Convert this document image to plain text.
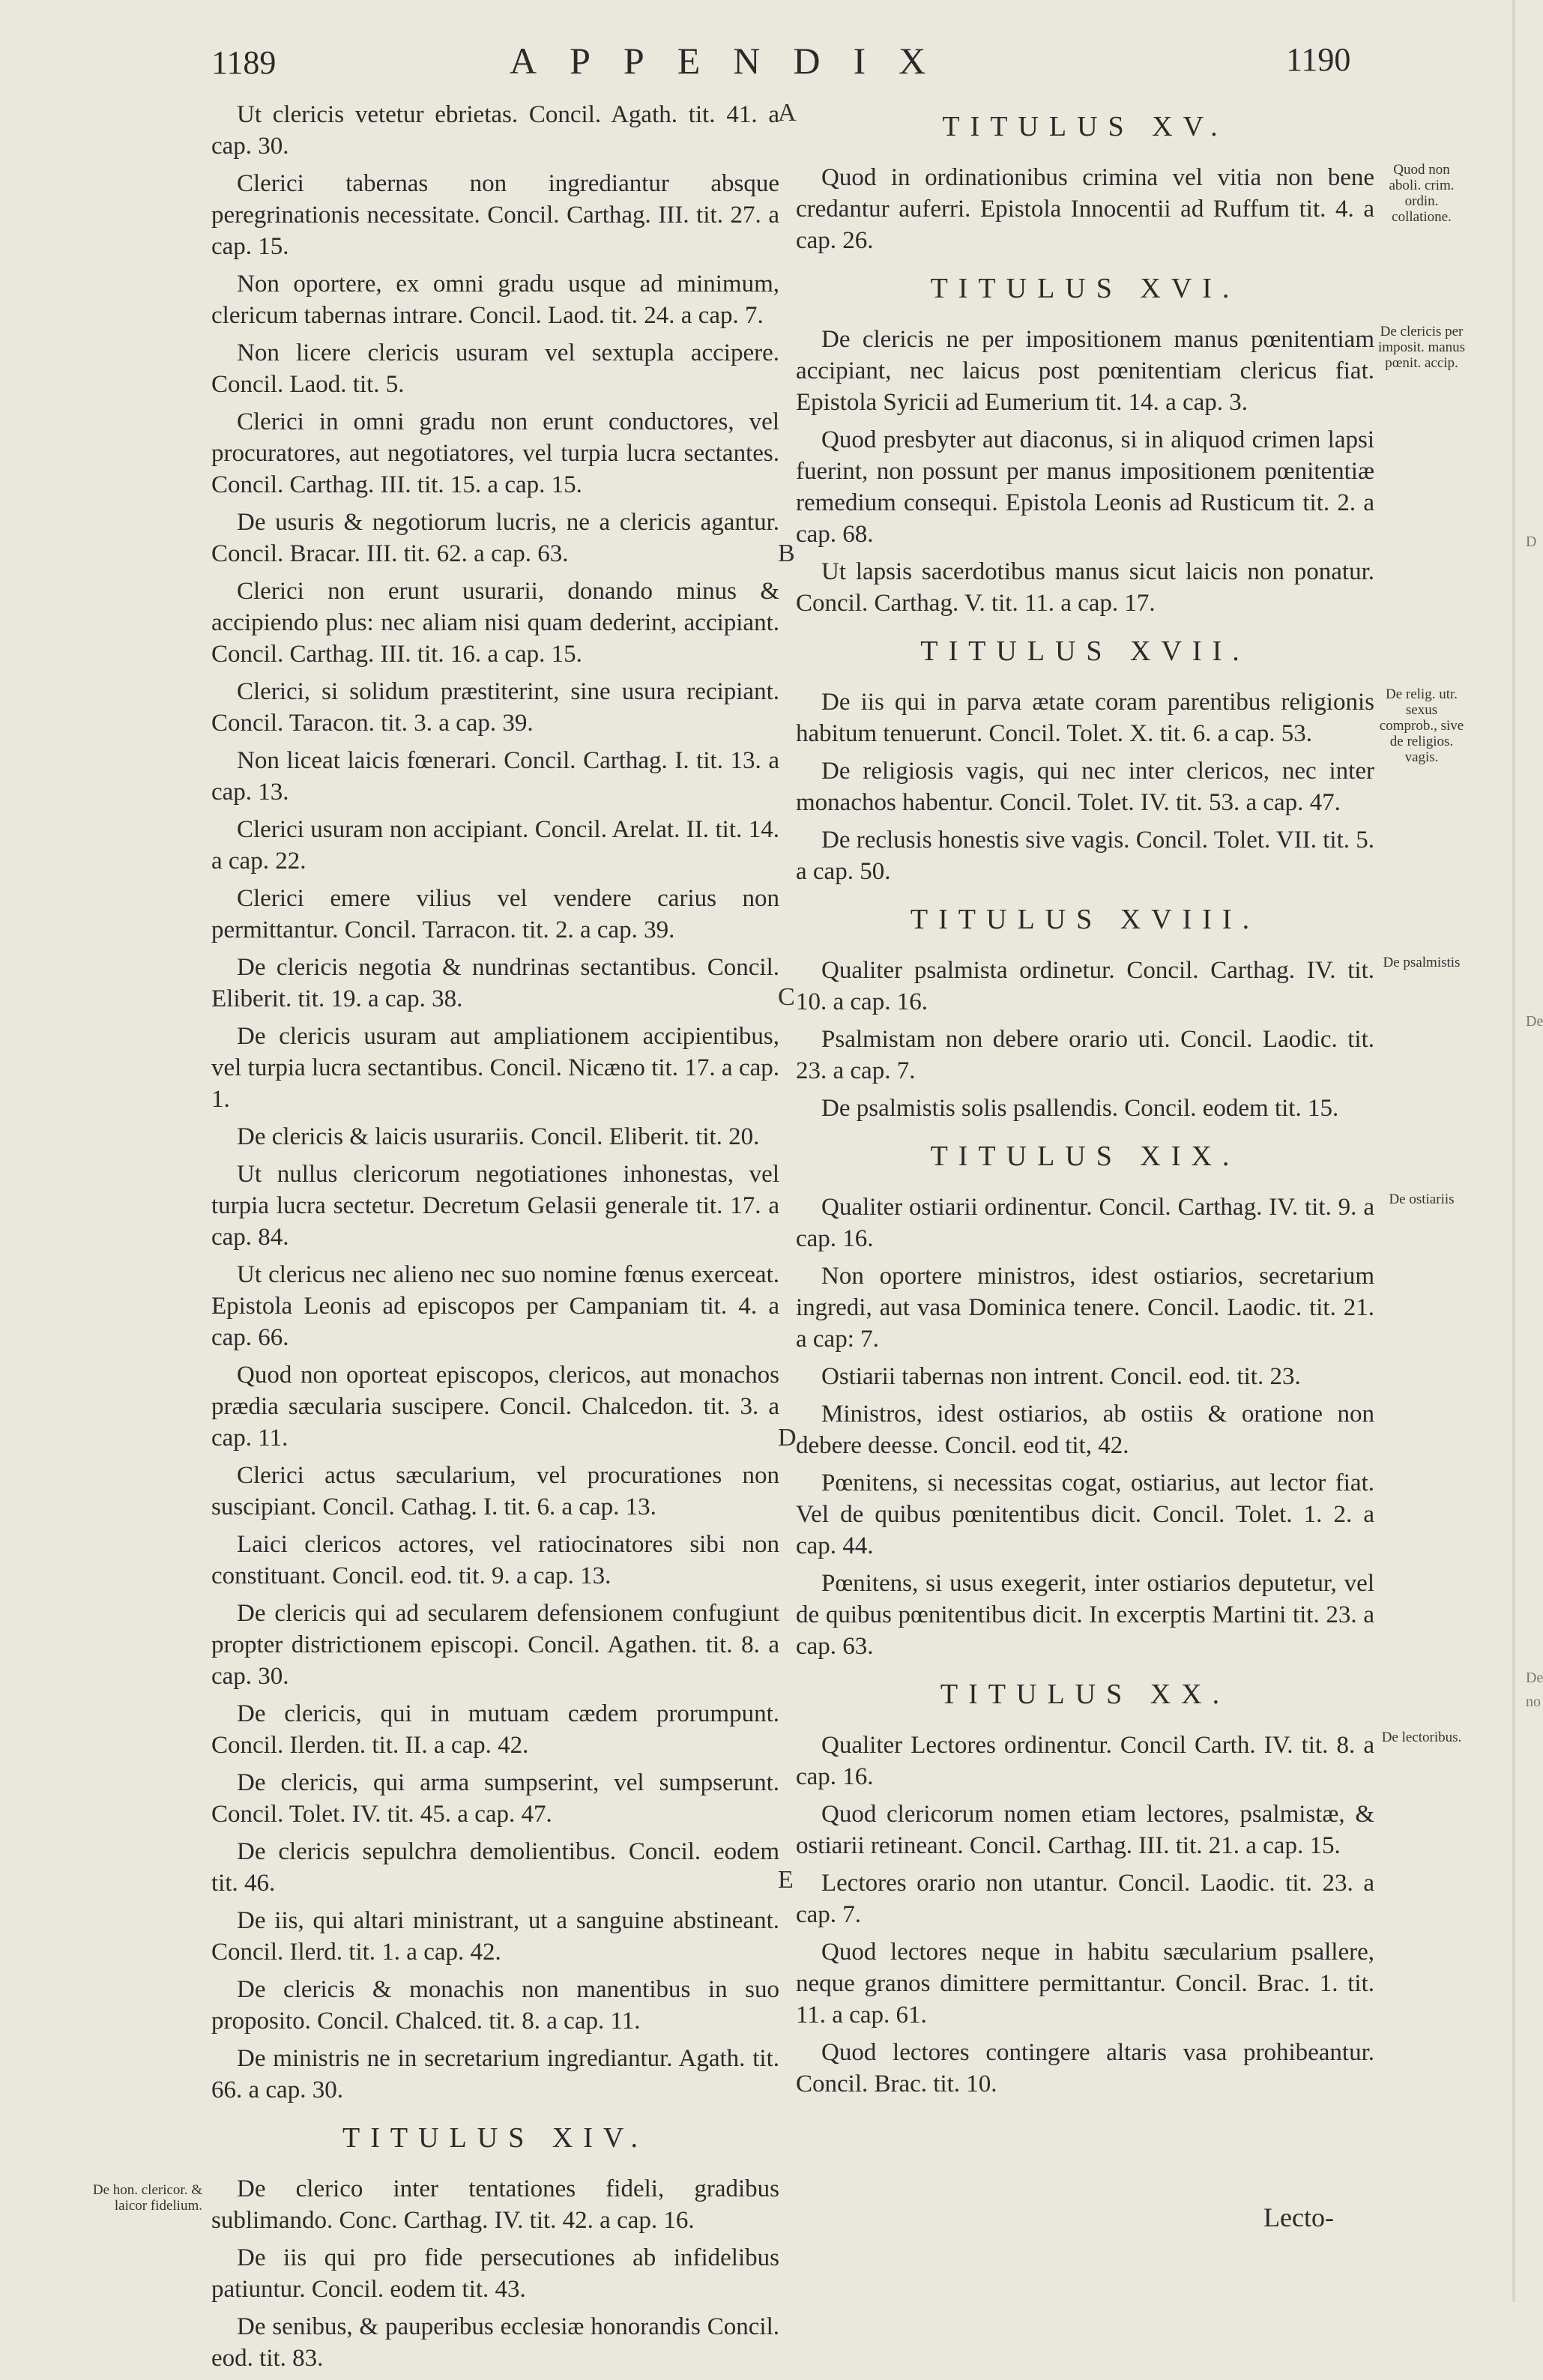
1189	APPENDIX	1190

Ut clericis vetetur ebrietas. Concil. Agath. tit. 41. a cap. 30.

Clerici tabernas non ingrediantur absque peregrinationis necessitate. Concil. Carthag. III. tit. 27. a cap. 15.

Non oportere, ex omni gradu usque ad minimum, clericum tabernas intrare. Concil. Laod. tit. 24. a cap. 7.

Non licere clericis usuram vel sextupla accipere. Concil. Laod. tit. 5.

Clerici in omni gradu non erunt conductores, vel procuratores, aut negotiatores, vel turpia lucra sectantes. Concil. Carthag. III. tit. 15. a cap. 15.

De usuris & negotiorum lucris, ne a clericis agantur. Concil. Bracar. III. tit. 62. a cap. 63.

Clerici non erunt usurarii, donando minus & accipiendo plus: nec aliam nisi quam dederint, accipiant. Concil. Carthag. III. tit. 16. a cap. 15.

Clerici, si solidum præstiterint, sine usura recipiant. Concil. Taracon. tit. 3. a cap. 39.

Non liceat laicis fœnerari. Concil. Carthag. I. tit. 13. a cap. 13.

Clerici usuram non accipiant. Concil. Arelat. II. tit. 14. a cap. 22.

Clerici emere vilius vel vendere carius non permittantur. Concil. Tarracon. tit. 2. a cap. 39.

De clericis negotia & nundrinas sectantibus. Concil. Eliberit. tit. 19. a cap. 38.

De clericis usuram aut ampliationem accipientibus, vel turpia lucra sectantibus. Concil. Nicæno tit. 17. a cap. 1.

De clericis & laicis usurariis. Concil. Eliberit. tit. 20.

Ut nullus clericorum negotiationes inhonestas, vel turpia lucra sectetur. Decretum Gelasii generale tit. 17. a cap. 84.

Ut clericus nec alieno nec suo nomine fœnus exerceat. Epistola Leonis ad episcopos per Campaniam tit. 4. a cap. 66.

Quod non oporteat episcopos, clericos, aut monachos prædia sæcularia suscipere. Concil. Chalcedon. tit. 3. a cap. 11.

Clerici actus sæcularium, vel procurationes non suscipiant. Concil. Cathag. I. tit. 6. a cap. 13.

Laici clericos actores, vel ratiocinatores sibi non constituant. Concil. eod. tit. 9. a cap. 13.

De clericis qui ad secularem defensionem confugiunt propter districtionem episcopi. Concil. Agathen. tit. 8. a cap. 30.

De clericis, qui in mutuam cædem prorumpunt. Concil. Ilerden. tit. II. a cap. 42.

De clericis, qui arma sumpserint, vel sumpserunt. Concil. Tolet. IV. tit. 45. a cap. 47.

De clericis sepulchra demolientibus. Concil. eodem tit. 46.

De iis, qui altari ministrant, ut a sanguine abstineant. Concil. Ilerd. tit. 1. a cap. 42.

De clericis & monachis non manentibus in suo proposito. Concil. Chalced. tit. 8. a cap. 11.

De ministris ne in secretarium ingrediantur. Agath. tit. 66. a cap. 30.

TITULUS XIV.
De hon. clericor. & laicor fidelium.

De clerico inter tentationes fideli, gradibus sublimando. Conc. Carthag. IV. tit. 42. a cap. 16.

De iis qui pro fide persecutiones ab infidelibus patiuntur. Concil. eodem tit. 43.

De senibus, & pauperibus ecclesiæ honorandis Concil. eod. tit. 83.

TITULUS XV.
Quod non aboli. crim. ordin. collatione.

Quod in ordinationibus crimina vel vitia non bene credantur auferri. Epistola Innocentii ad Ruffum tit. 4. a cap. 26.

TITULUS XVI.
De clericis per imposit. manus pœnit. accip.

De clericis ne per impositionem manus pœnitentiam accipiant, nec laicus post pœnitentiam clericus fiat. Epistola Syricii ad Eumerium tit. 14. a cap. 3.

Quod presbyter aut diaconus, si in aliquod crimen lapsi fuerint, non possunt per manus impositionem pœnitentiæ remedium consequi. Epistola Leonis ad Rusticum tit. 2. a cap. 68.

Ut lapsis sacerdotibus manus sicut laicis non ponatur. Concil. Carthag. V. tit. 11. a cap. 17.

TITULUS XVII.
De relig. utr. sexus comprob., sive de religios. vagis.

De iis qui in parva ætate coram parentibus religionis habitum tenuerunt. Concil. Tolet. X. tit. 6. a cap. 53.

De religiosis vagis, qui nec inter clericos, nec inter monachos habentur. Concil. Tolet. IV. tit. 53. a cap. 47.

De reclusis honestis sive vagis. Concil. Tolet. VII. tit. 5. a cap. 50.

TITULUS XVIII.
De psalmistis

Qualiter psalmista ordinetur. Concil. Carthag. IV. tit. 10. a cap. 16.

Psalmistam non debere orario uti. Concil. Laodic. tit. 23. a cap. 7.

De psalmistis solis psallendis. Concil. eodem tit. 15.

TITULUS XIX.
De ostiariis

Qualiter ostiarii ordinentur. Concil. Carthag. IV. tit. 9. a cap. 16.

Non oportere ministros, idest ostiarios, secretarium ingredi, aut vasa Dominica tenere. Concil. Laodic. tit. 21. a cap: 7.

Ostiarii tabernas non intrent. Concil. eod. tit. 23.

Ministros, idest ostiarios, ab ostiis & oratione non debere deesse. Concil. eod tit, 42.

Pœnitens, si necessitas cogat, ostiarius, aut lector fiat. Vel de quibus pœnitentibus dicit. Concil. Tolet. 1. 2. a cap. 44.

Pœnitens, si usus exegerit, inter ostiarios deputetur, vel de quibus pœnitentibus dicit. In excerptis Martini tit. 23. a cap. 63.

TITULUS XX.
De lectoribus.

Qualiter Lectores ordinentur. Concil Carth. IV. tit. 8. a cap. 16.

Quod clericorum nomen etiam lectores, psalmistæ, & ostiarii retineant. Concil. Carthag. III. tit. 21. a cap. 15.

Lectores orario non utantur. Concil. Laodic. tit. 23. a cap. 7.

Quod lectores neque in habitu sæcularium psallere, neque granos dimittere permittantur. Concil. Brac. 1. tit. 11. a cap. 61.

Quod lectores contingere altaris vasa prohibeantur. Concil. Brac. tit. 10.

A
B
C
D
E
D
De
De
no
Lecto-
